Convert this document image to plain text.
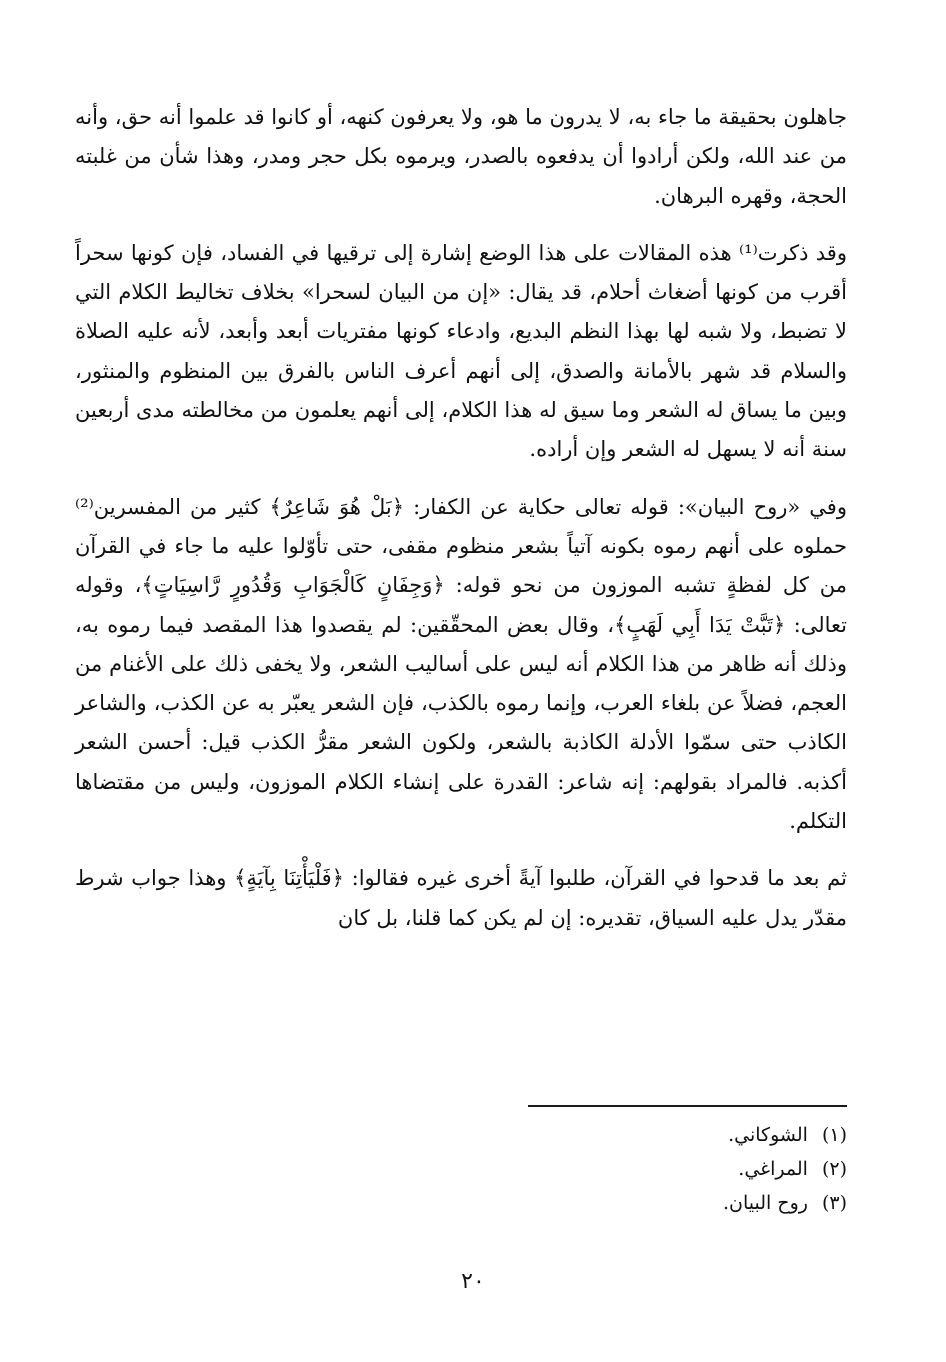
جاهلون بحقيقة ما جاء به، لا يدرون ما هو، ولا يعرفون كنهه، أو كانوا قد علموا أنه حق، وأنه من عند الله، ولكن أرادوا أن يدفعوه بالصدر، ويرموه بكل حجر ومدر، وهذا شأن من غلبته الحجة، وقهره البرهان.

وقد ذكرت⁽¹⁾ هذه المقالات على هذا الوضع إشارة إلى ترقيها في الفساد، فإن كونها سحراً أقرب من كونها أضغاث أحلام، قد يقال: «إن من البيان لسحرا» بخلاف تخاليط الكلام التي لا تضبط، ولا شبه لها بهذا النظم البديع، وادعاء كونها مفتريات أبعد وأبعد، لأنه عليه الصلاة والسلام قد شهر بالأمانة والصدق، إلى أنهم أعرف الناس بالفرق بين المنظوم والمنثور، وبين ما يساق له الشعر وما سيق له هذا الكلام، إلى أنهم يعلمون من مخالطته مدى أربعين سنة أنه لا يسهل له الشعر وإن أراده.

وفي «روح البيان»: قوله تعالى حكاية عن الكفار: ﴿بَلْ هُوَ شَاعِرٌ﴾ كثير من المفسرين⁽²⁾ حملوه على أنهم رموه بكونه آتياً بشعر منظوم مقفى، حتى تأوّلوا عليه ما جاء في القرآن من كل لفظةٍ تشبه الموزون من نحو قوله: ﴿وَجِفَانٍ كَالْجَوَابِ وَقُدُورٍ رَّاسِيَاتٍ﴾، وقوله تعالى: ﴿تَبَّتْ يَدَا أَبِي لَهَبٍ﴾، وقال بعض المحقّقين: لم يقصدوا هذا المقصد فيما رموه به، وذلك أنه ظاهر من هذا الكلام أنه ليس على أساليب الشعر، ولا يخفى ذلك على الأغنام من العجم، فضلاً عن بلغاء العرب، وإنما رموه بالكذب، فإن الشعر يعبّر به عن الكذب، والشاعر الكاذب حتى سمّوا الأدلة الكاذبة بالشعر، ولكون الشعر مقرُّ الكذب قيل: أحسن الشعر أكذبه. فالمراد بقولهم: إنه شاعر: القدرة على إنشاء الكلام الموزون، وليس من مقتضاها التكلم.

ثم بعد ما قدحوا في القرآن، طلبوا آيةً أخرى غيره فقالوا: ﴿فَلْيَأْتِنَا بِآيَةٍ﴾ وهذا جواب شرط مقدّر يدل عليه السياق، تقديره: إن لم يكن كما قلنا، بل كان

(١)
الشوكاني.
(٢)
المراغي.
(٣)
روح البيان.
٢٠
